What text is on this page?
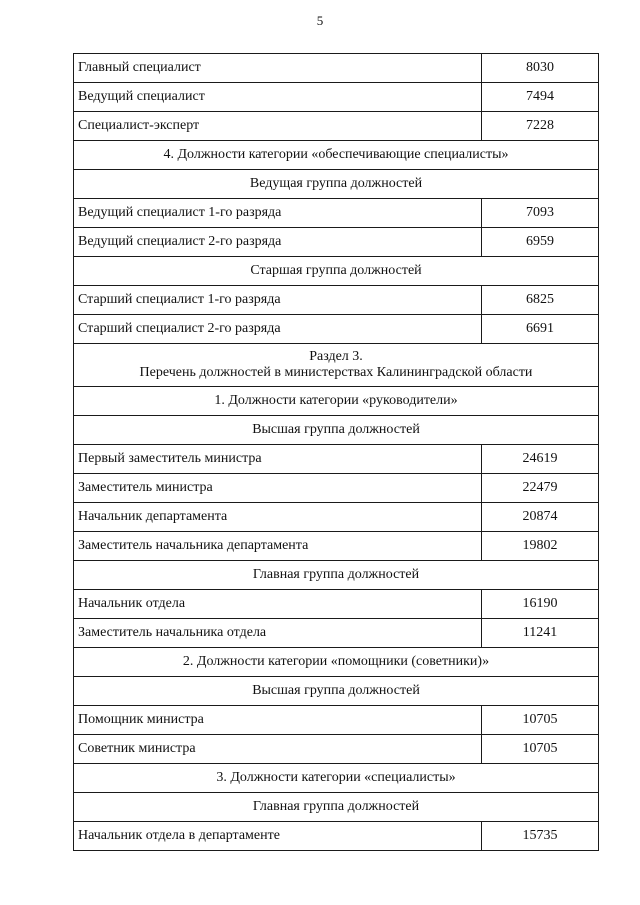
5
Главный специалист	8030
Ведущий специалист	7494
Специалист-эксперт	7228
4. Должности категории «обеспечивающие специалисты»	
Ведущая группа должностей	
Ведущий специалист 1-го разряда	7093
Ведущий специалист 2-го разряда	6959
Старшая группа должностей	
Старший специалист 1-го разряда	6825
Старший специалист 2-го разряда	6691

Раздел 3.
Перечень должностей в министерствах Калининградской области	

1. Должности категории «руководители»	
Высшая группа должностей	
Первый заместитель министра	24619
Заместитель министра	22479
Начальник департамента	20874
Заместитель начальника департамента	19802
Главная группа должностей	
Начальник отдела	16190
Заместитель начальника отдела	11241
2. Должности категории «помощники (советники)»	
Высшая группа должностей	
Помощник министра	10705
Советник министра	10705
3. Должности категории «специалисты»	
Главная группа должностей	
Начальник отдела в департаменте	15735
